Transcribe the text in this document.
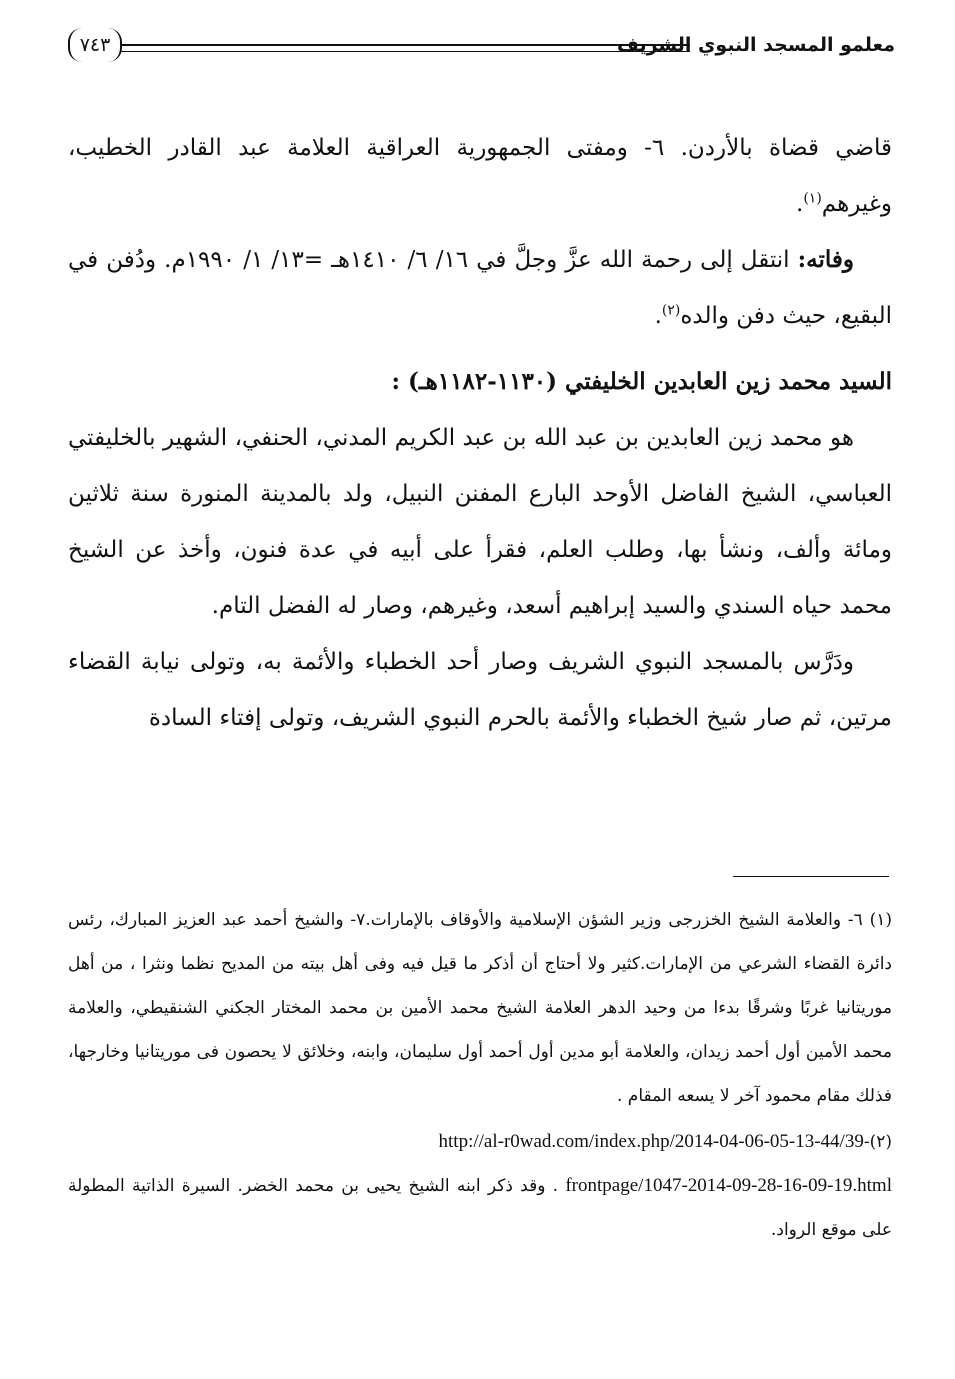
معلمو المسجد النبوي الشريف
٧٤٣

قاضي قضاة بالأردن. ٦- ومفتى الجمهورية العراقية العلامة عبد القادر الخطيب، وغيرهم$^{(١)}$.

وفاته: انتقل إلى رحمة الله عزَّ وجلَّ في ١٦/ ٦/ ١٤١٠هـ =١٣/ ١/ ١٩٩٠م. ودُفن في البقيع، حيث دفن والده$^{(٢)}$.

السيد محمد زين العابدين الخليفتي (١١٣٠-١١٨٢هـ) :

هو محمد زين العابدين بن عبد الله بن عبد الكريم المدني، الحنفي، الشهير بالخليفتي العباسي، الشيخ الفاضل الأوحد البارع المفنن النبيل، ولد بالمدينة المنورة سنة ثلاثين ومائة وألف، ونشأ بها، وطلب العلم، فقرأ على أبيه في عدة فنون، وأخذ عن الشيخ محمد حياه السندي والسيد إبراهيم أسعد، وغيرهم، وصار له الفضل التام.

ودَرَّس بالمسجد النبوي الشريف وصار أحد الخطباء والأئمة به، وتولى نيابة القضاء مرتين، ثم صار شيخ الخطباء والأئمة بالحرم النبوي الشريف، وتولى إفتاء السادة

(١) ٦- والعلامة الشيخ الخزرجى وزير الشؤن الإسلامية والأوقاف بالإمارات.٧- والشيخ أحمد عبد العزيز المبارك، رئس دائرة القضاء الشرعي من الإمارات.كثير ولا أحتاج أن أذكر ما قيل فيه وفى أهل بيته من المديح نظما ونثرا ، من أهل موريتانيا غربًا وشرقًا بدءا من وحيد الدهر العلامة الشيخ محمد الأمين بن محمد المختار الجكني الشنقيطي، والعلامة محمد الأمين أول أحمد زيدان، والعلامة أبو مدين أول أحمد أول سليمان، وابنه، وخلائق لا يحصون فى موريتانيا وخارجها، فذلك مقام محمود آخر لا يسعه المقام .

(٢)-http://al-r0wad.com/index.php/2014-04-06-05-13-44/39
frontpage/1047-2014-09-28-16-09-19.html . وقد ذكر ابنه الشيخ يحيى بن محمد الخضر. السيرة الذاتية المطولة على موقع الرواد.
